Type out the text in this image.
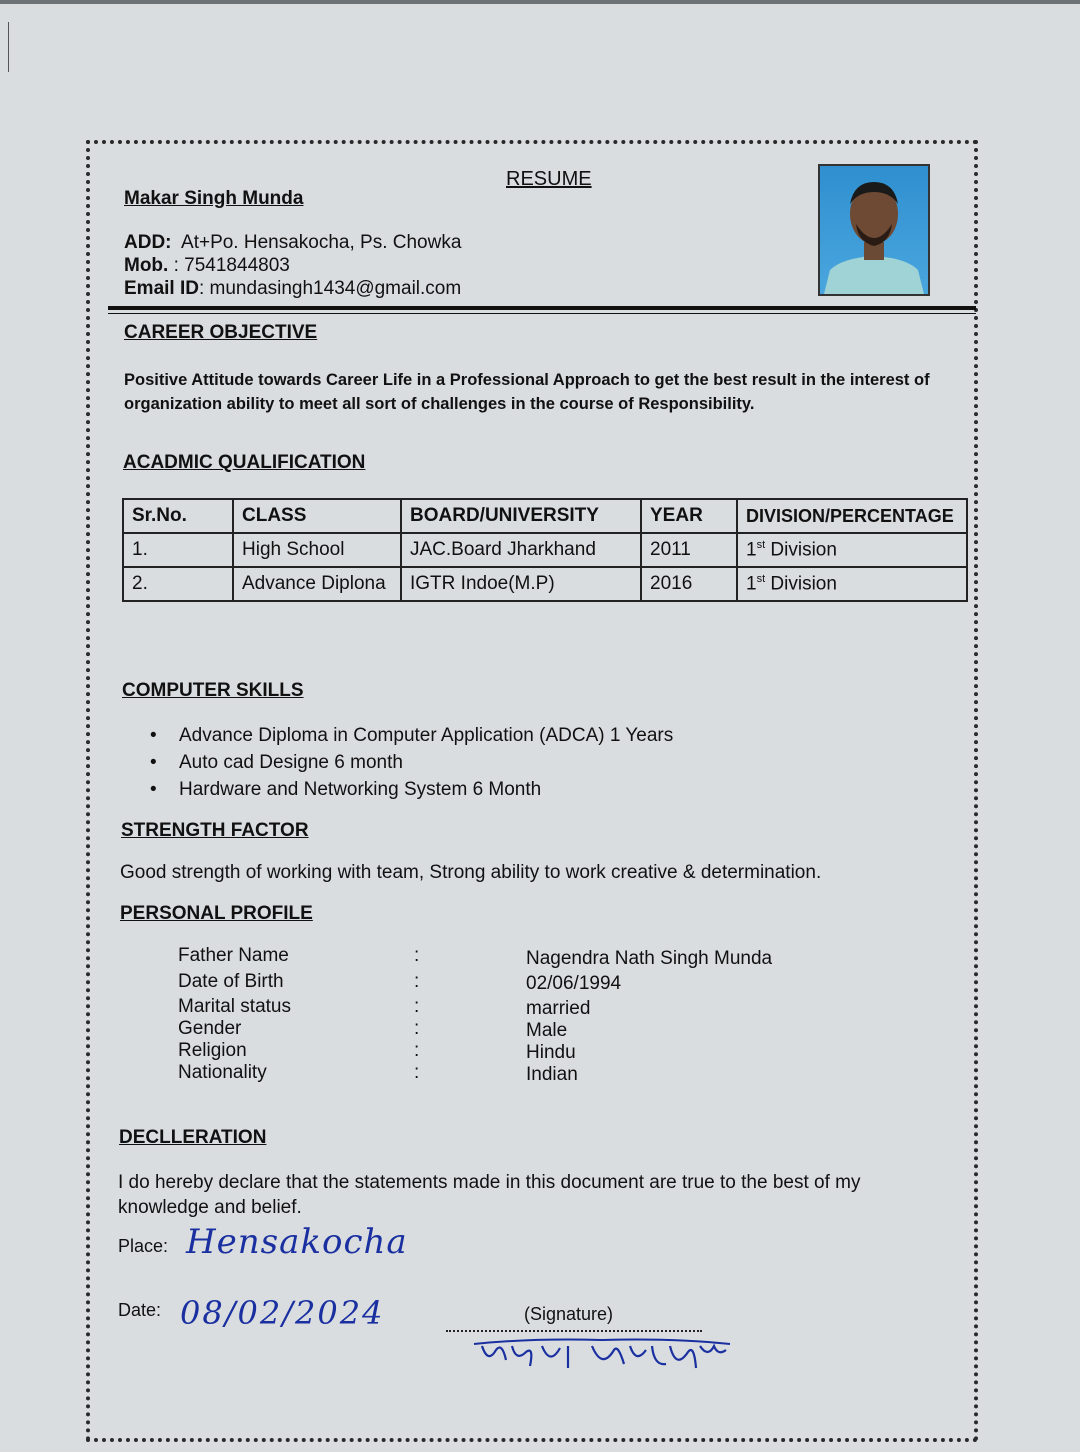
RESUME
Makar Singh Munda
ADD: At+Po. Hensakocha, Ps. Chowka
Mob. : 7541844803
Email ID: mundasingh1434@gmail.com
CAREER OBJECTIVE
Positive Attitude towards Career Life in a Professional Approach to get the best result in the interest of organization ability to meet all sort of challenges in the course of Responsibility.
ACADMIC QUALIFICATION
Sr.No.	CLASS	BOARD/UNIVERSITY	YEAR	DIVISION/PERCENTAGE
1.	High School	JAC.Board Jharkhand	2011	1st Division
2.	Advance Diplona	IGTR Indoe(M.P)	2016	1st Division
COMPUTER SKILLS
• Advance Diploma in Computer Application (ADCA) 1 Years
• Auto cad Designe 6 month
• Hardware and Networking System 6 Month
STRENGTH FACTOR
Good strength of working with team, Strong ability to work creative & determination.
PERSONAL PROFILE
Father Name	:	Nagendra Nath Singh Munda
Date of Birth	:	02/06/1994
Marital status	:	married
Gender	:	Male
Religion	:	Hindu
Nationality	:	Indian
DECLLERATION
I do hereby declare that the statements made in this document are true to the best of my knowledge and belief.
Place: Hensakocha
Date: 08/02/2024	(Signature)
